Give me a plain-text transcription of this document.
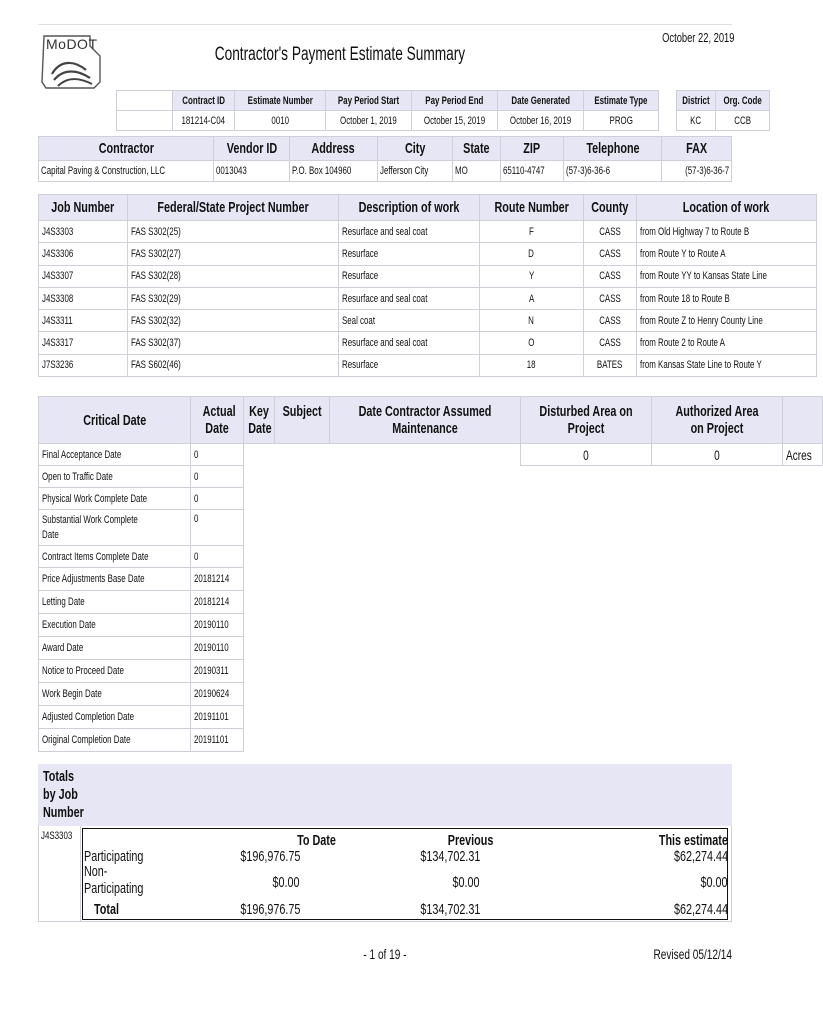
MoDOT	Contractor's Payment Estimate Summary
October 22, 2019
	Contract ID	Estimate Number	Pay Period Start	Pay Period End	Date Generated	Estimate Type		District	Org. Code
	181214-C04	0010	October 1, 2019	October 15, 2019	October 16, 2019	PROG		KC	CCB
Contractor	Vendor ID	Address	City	State	ZIP	Telephone	FAX
Capital Paving & Construction, LLC	0013043	P.O. Box 104960	Jefferson City	MO	65110-4747	(57-3)6-36-6	(57-3)6-36-7
Job Number	Federal/State Project Number	Description of work	Route Number	County	Location of work
J4S3303	FAS S302(25)	Resurface and seal coat	F	CASS	from Old Highway 7 to Route B
J4S3306	FAS S302(27)	Resurface	D	CASS	from Route Y to Route A
J4S3307	FAS S302(28)	Resurface	Y	CASS	from Route YY to Kansas State Line
J4S3308	FAS S302(29)	Resurface and seal coat	A	CASS	from Route 18 to Route B
J4S3311	FAS S302(32)	Seal coat	N	CASS	from Route Z to Henry County Line
J4S3317	FAS S302(37)	Resurface and seal coat	O	CASS	from Route 2 to Route A
J7S3236	FAS S602(46)	Resurface	18	BATES	from Kansas State Line to Route Y
Critical Date	Actual Date	Key Date	Subject	Date Contractor Assumed Maintenance	Disturbed Area on Project	Authorized Area on Project	
Final Acceptance Date	0				0	0	Acres
Open to Traffic Date	0						
Physical Work Complete Date	0						
Substantial Work Complete Date	0						
Contract Items Complete Date	0						
Price Adjustments Base Date	20181214						
Letting Date	20181214						
Execution Date	20190110						
Award Date	20190110						
Notice to Proceed Date	20190311						
Work Begin Date	20190624						
Adjusted Completion Date	20191101						
Original Completion Date	20191101						
Totals by Job Number
J4S3303	To Date	Previous	This estimate
Participating	$196,976.75	$134,702.31	$62,274.44
Non-Participating	$0.00	$0.00	$0.00
Total	$196,976.75	$134,702.31	$62,274.44
- 1 of 19 -	Revised 05/12/14
